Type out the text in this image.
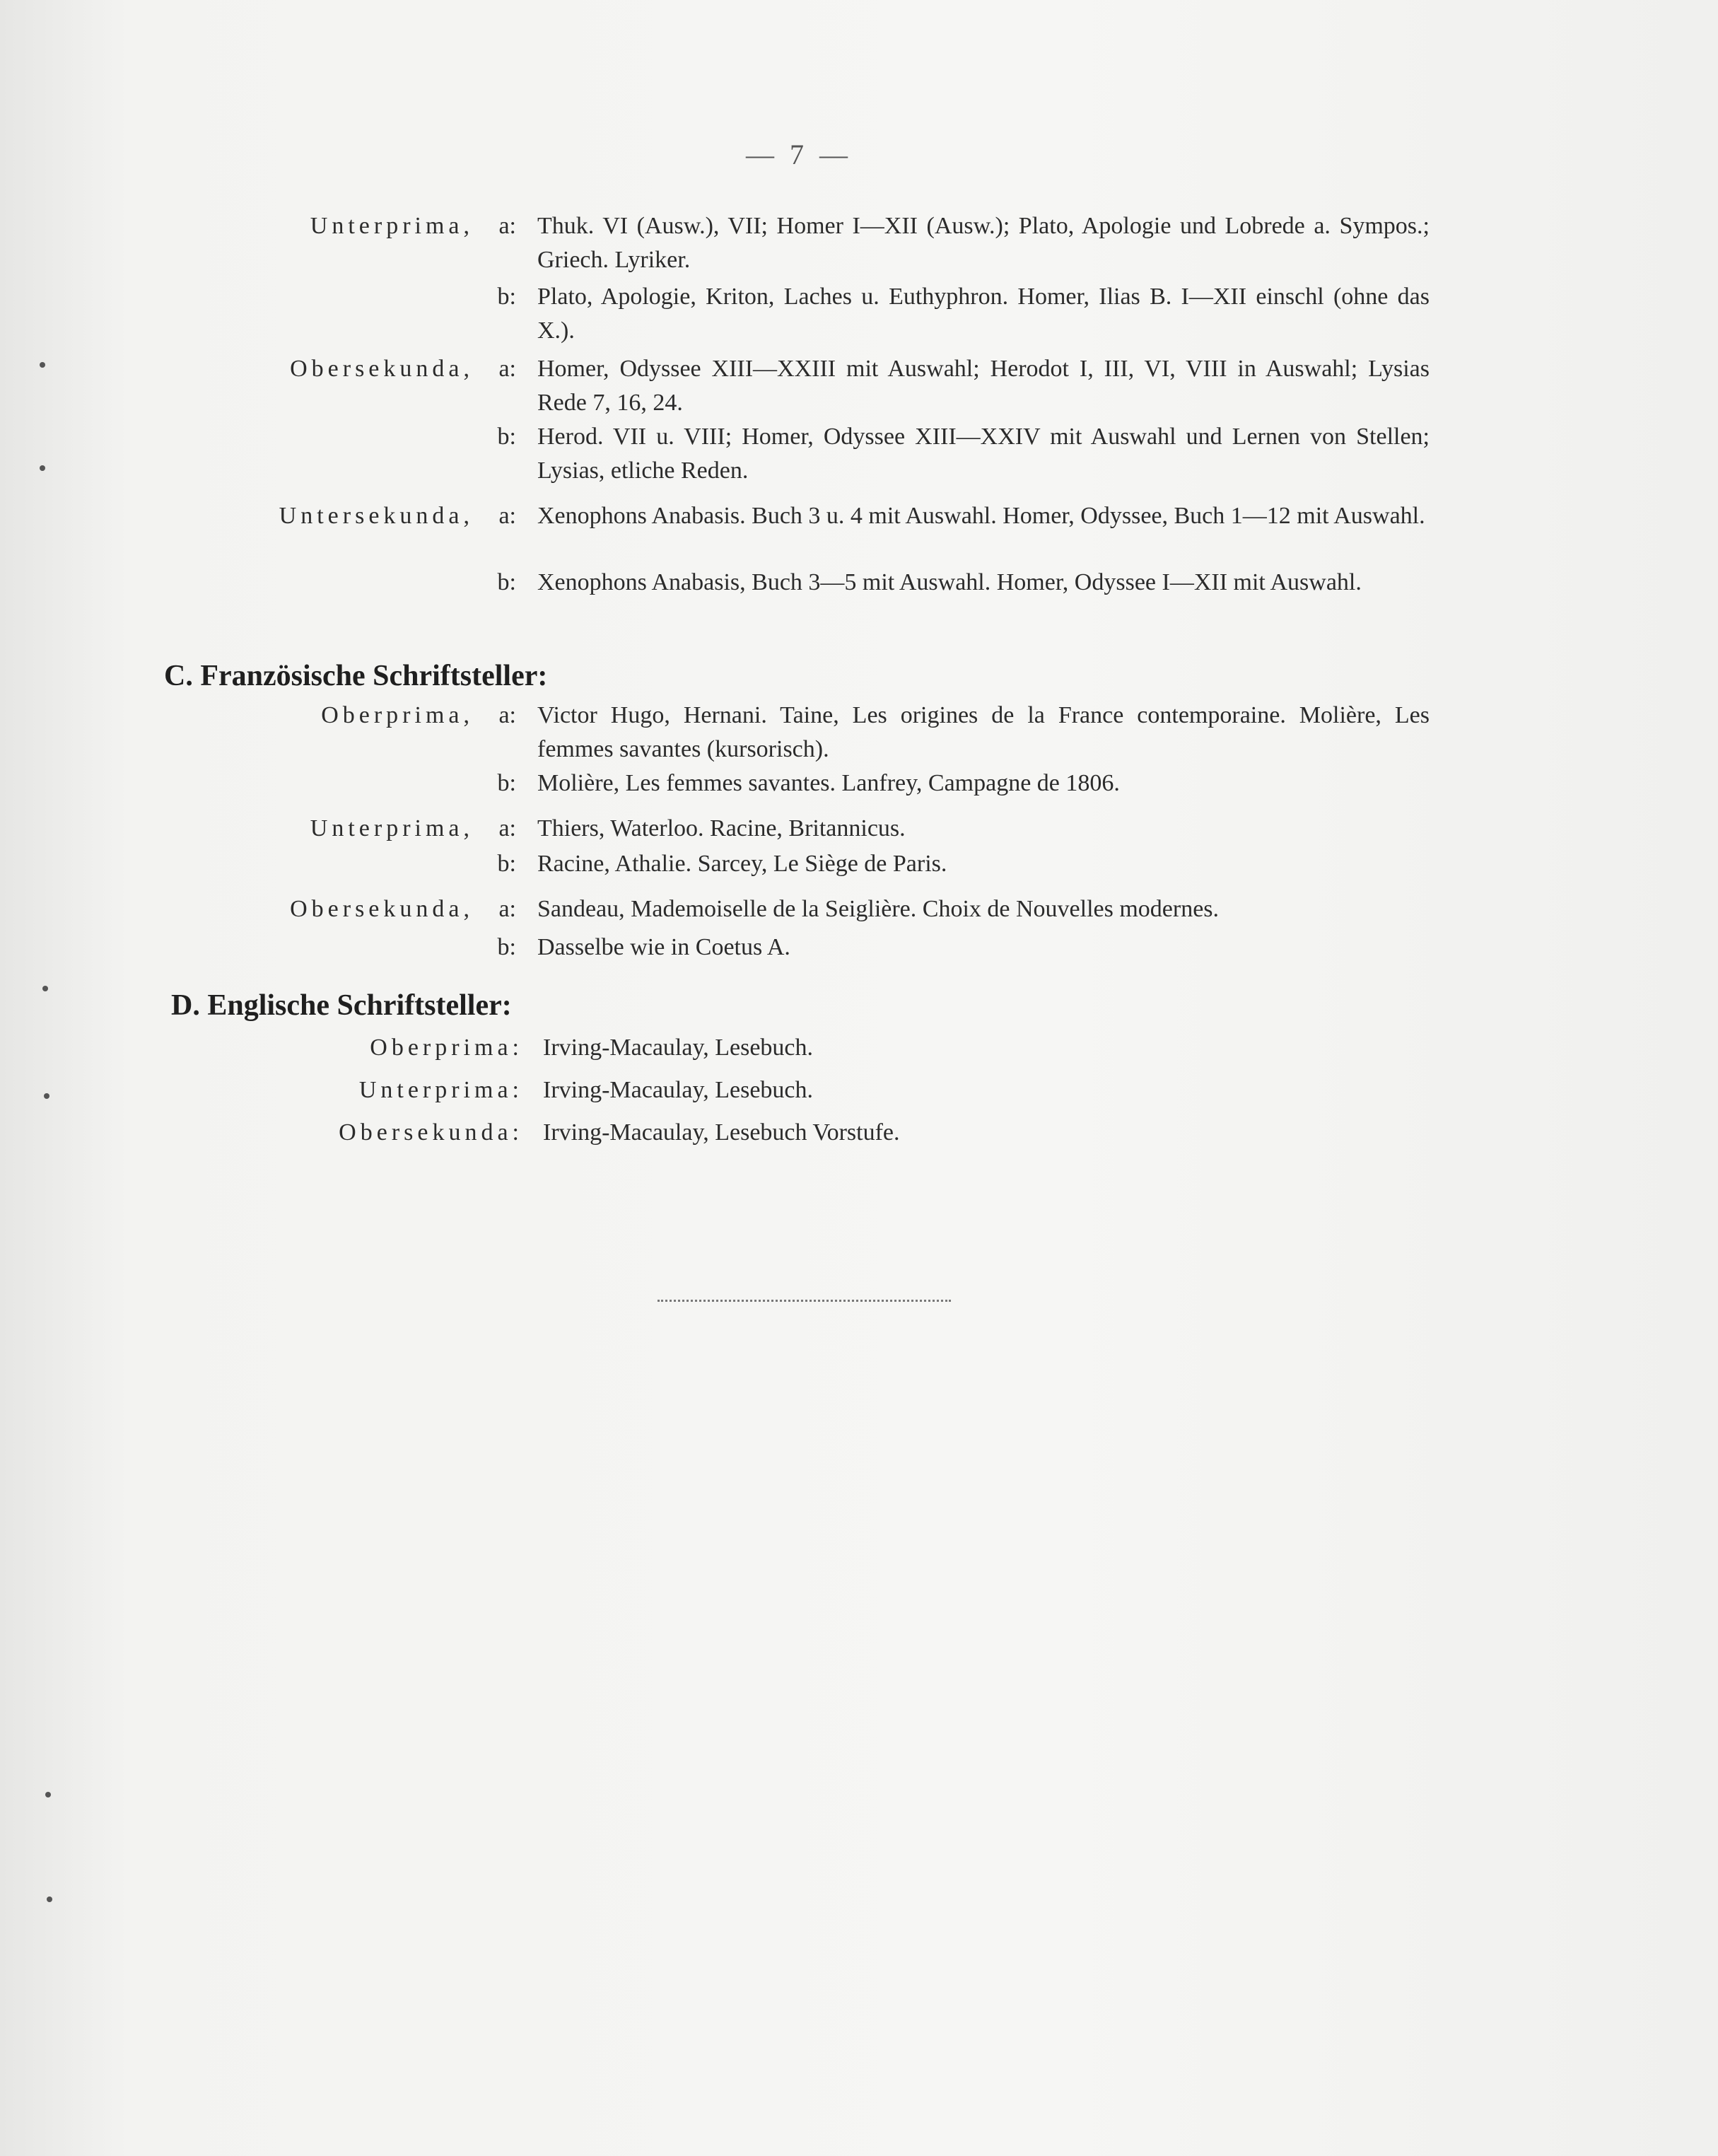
— 7 —
Unterprima,	a: Thuk. VI (Ausw.), VII; Homer I—XII (Ausw.); Plato, Apologie und Lobrede a. Sympos.; Griech. Lyriker.
b: Plato, Apologie, Kriton, Laches u. Euthyphron. Homer, Ilias B. I—XII einschl (ohne das X.).
Obersekunda,	a: Homer, Odyssee XIII—XXIII mit Auswahl; Herodot I, III, VI, VIII in Auswahl; Lysias Rede 7, 16, 24.
b: Herod. VII u. VIII; Homer, Odyssee XIII—XXIV mit Auswahl und Lernen von Stellen; Lysias, etliche Reden.
Untersekunda,	a: Xenophons Anabasis. Buch 3 u. 4 mit Auswahl. Homer, Odyssee, Buch 1—12 mit Auswahl.
b: Xenophons Anabasis, Buch 3—5 mit Auswahl. Homer, Odyssee I—XII mit Auswahl.
C. Französische Schriftsteller:
Oberprima,	a: Victor Hugo, Hernani. Taine, Les origines de la France contemporaine. Molière, Les femmes savantes (kursorisch).
b: Molière, Les femmes savantes. Lanfrey, Campagne de 1806.
Unterprima,	a: Thiers, Waterloo. Racine, Britannicus.
b: Racine, Athalie. Sarcey, Le Siège de Paris.
Obersekunda,	a: Sandeau, Mademoiselle de la Seiglière. Choix de Nouvelles modernes.
b: Dasselbe wie in Coetus A.
D. Englische Schriftsteller:
Oberprima: Irving-Macaulay, Lesebuch.
Unterprima: Irving-Macaulay, Lesebuch.
Obersekunda: Irving-Macaulay, Lesebuch Vorstufe.
